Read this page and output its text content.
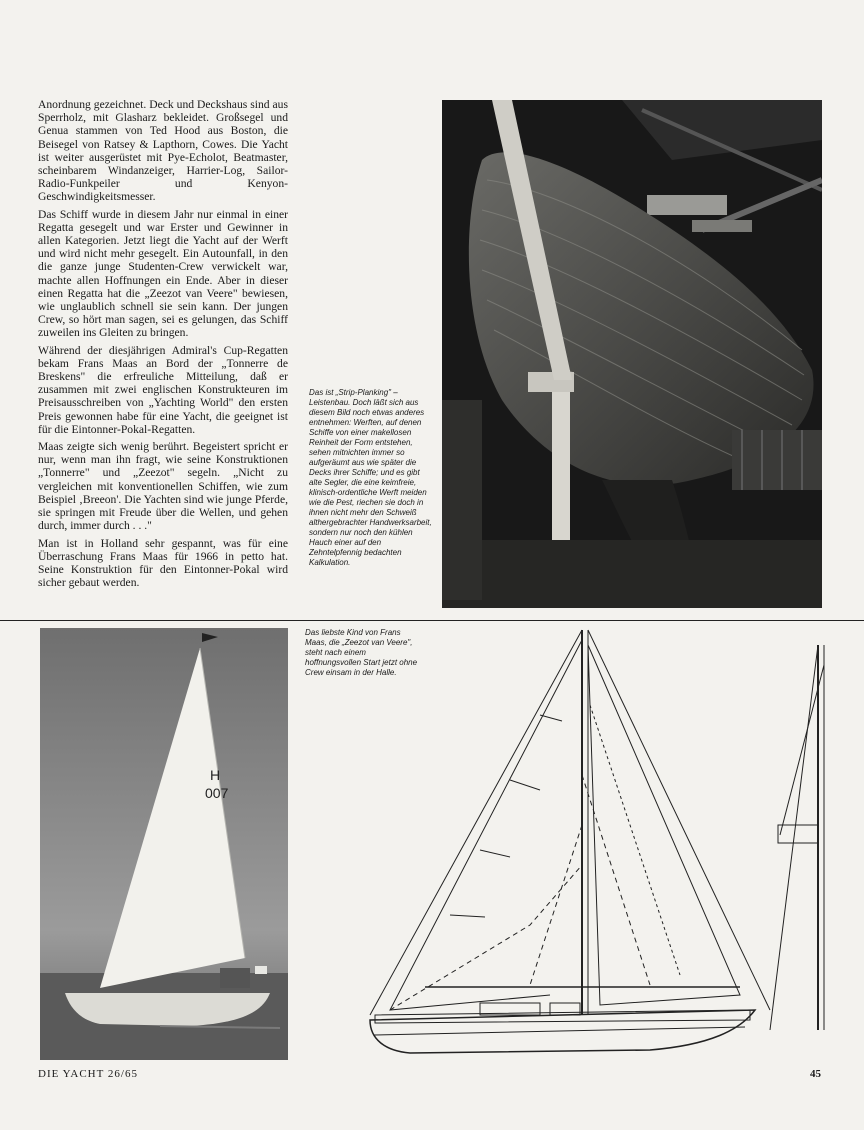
Anordnung gezeichnet. Deck und Deckshaus sind aus Sperrholz, mit Glasharz bekleidet. Großsegel und Genua stammen von Ted Hood aus Boston, die Beisegel von Ratsey & Lapthorn, Cowes. Die Yacht ist weiter ausgerüstet mit Pye-Echolot, Beatmaster, scheinbarem Windanzeiger, Harrier-Log, Sailor-Radio-Funkpeiler und Kenyon-Geschwindigkeitsmesser.

Das Schiff wurde in diesem Jahr nur einmal in einer Regatta gesegelt und war Erster und Gewinner in allen Kategorien. Jetzt liegt die Yacht auf der Werft und wird nicht mehr gesegelt. Ein Autounfall, in den die ganze junge Studenten-Crew verwickelt war, machte allen Hoffnungen ein Ende. Aber in dieser einen Regatta hat die „Zeezot van Veere" bewiesen, wie unglaublich schnell sie sein kann. Der jungen Crew, so hört man sagen, sei es gelungen, das Schiff zuweilen ins Gleiten zu bringen.

Während der diesjährigen Admiral's Cup-Regatten bekam Frans Maas an Bord der „Tonnerre de Breskens" die erfreuliche Mitteilung, daß er zusammen mit zwei englischen Konstrukteuren im Preisausschreiben von „Yachting World" den ersten Preis gewonnen habe für eine Yacht, die geeignet ist für die Eintonner-Pokal-Regatten.

Maas zeigte sich wenig berührt. Begeistert spricht er nur, wenn man ihn fragt, wie seine Konstruktionen „Tonnerre" und „Zeezot" segeln. „Nicht zu vergleichen mit konventionellen Schiffen, wie zum Beispiel ‚Breeon'. Die Yachten sind wie junge Pferde, sie springen mit Freude über die Wellen, und gehen durch, immer durch . . ."

Man ist in Holland sehr gespannt, was für eine Überraschung Frans Maas für 1966 in petto hat. Seine Konstruktion für den Eintonner-Pokal wird sicher gebaut werden.

Das ist „Strip-Planking" – Leistenbau. Doch läßt sich aus diesem Bild noch etwas anderes entnehmen: Werften, auf denen Schiffe von einer makellosen Reinheit der Form entstehen, sehen mitnichten immer so aufgeräumt aus wie später die Decks ihrer Schiffe; und es gibt alte Segler, die eine keimfreie, klinisch-ordentliche Werft meiden wie die Pest, riechen sie doch in ihnen nicht mehr den Schweiß althergebrachter Handwerksarbeit, sondern nur noch den kühlen Hauch einer auf den Zehntelpfennig bedachten Kalkulation.
H
007
Das liebste Kind von Frans Maas, die „Zeezot van Veere", steht nach einem hoffnungsvollen Start jetzt ohne Crew einsam in der Halle.
DIE YACHT 26/65	45
